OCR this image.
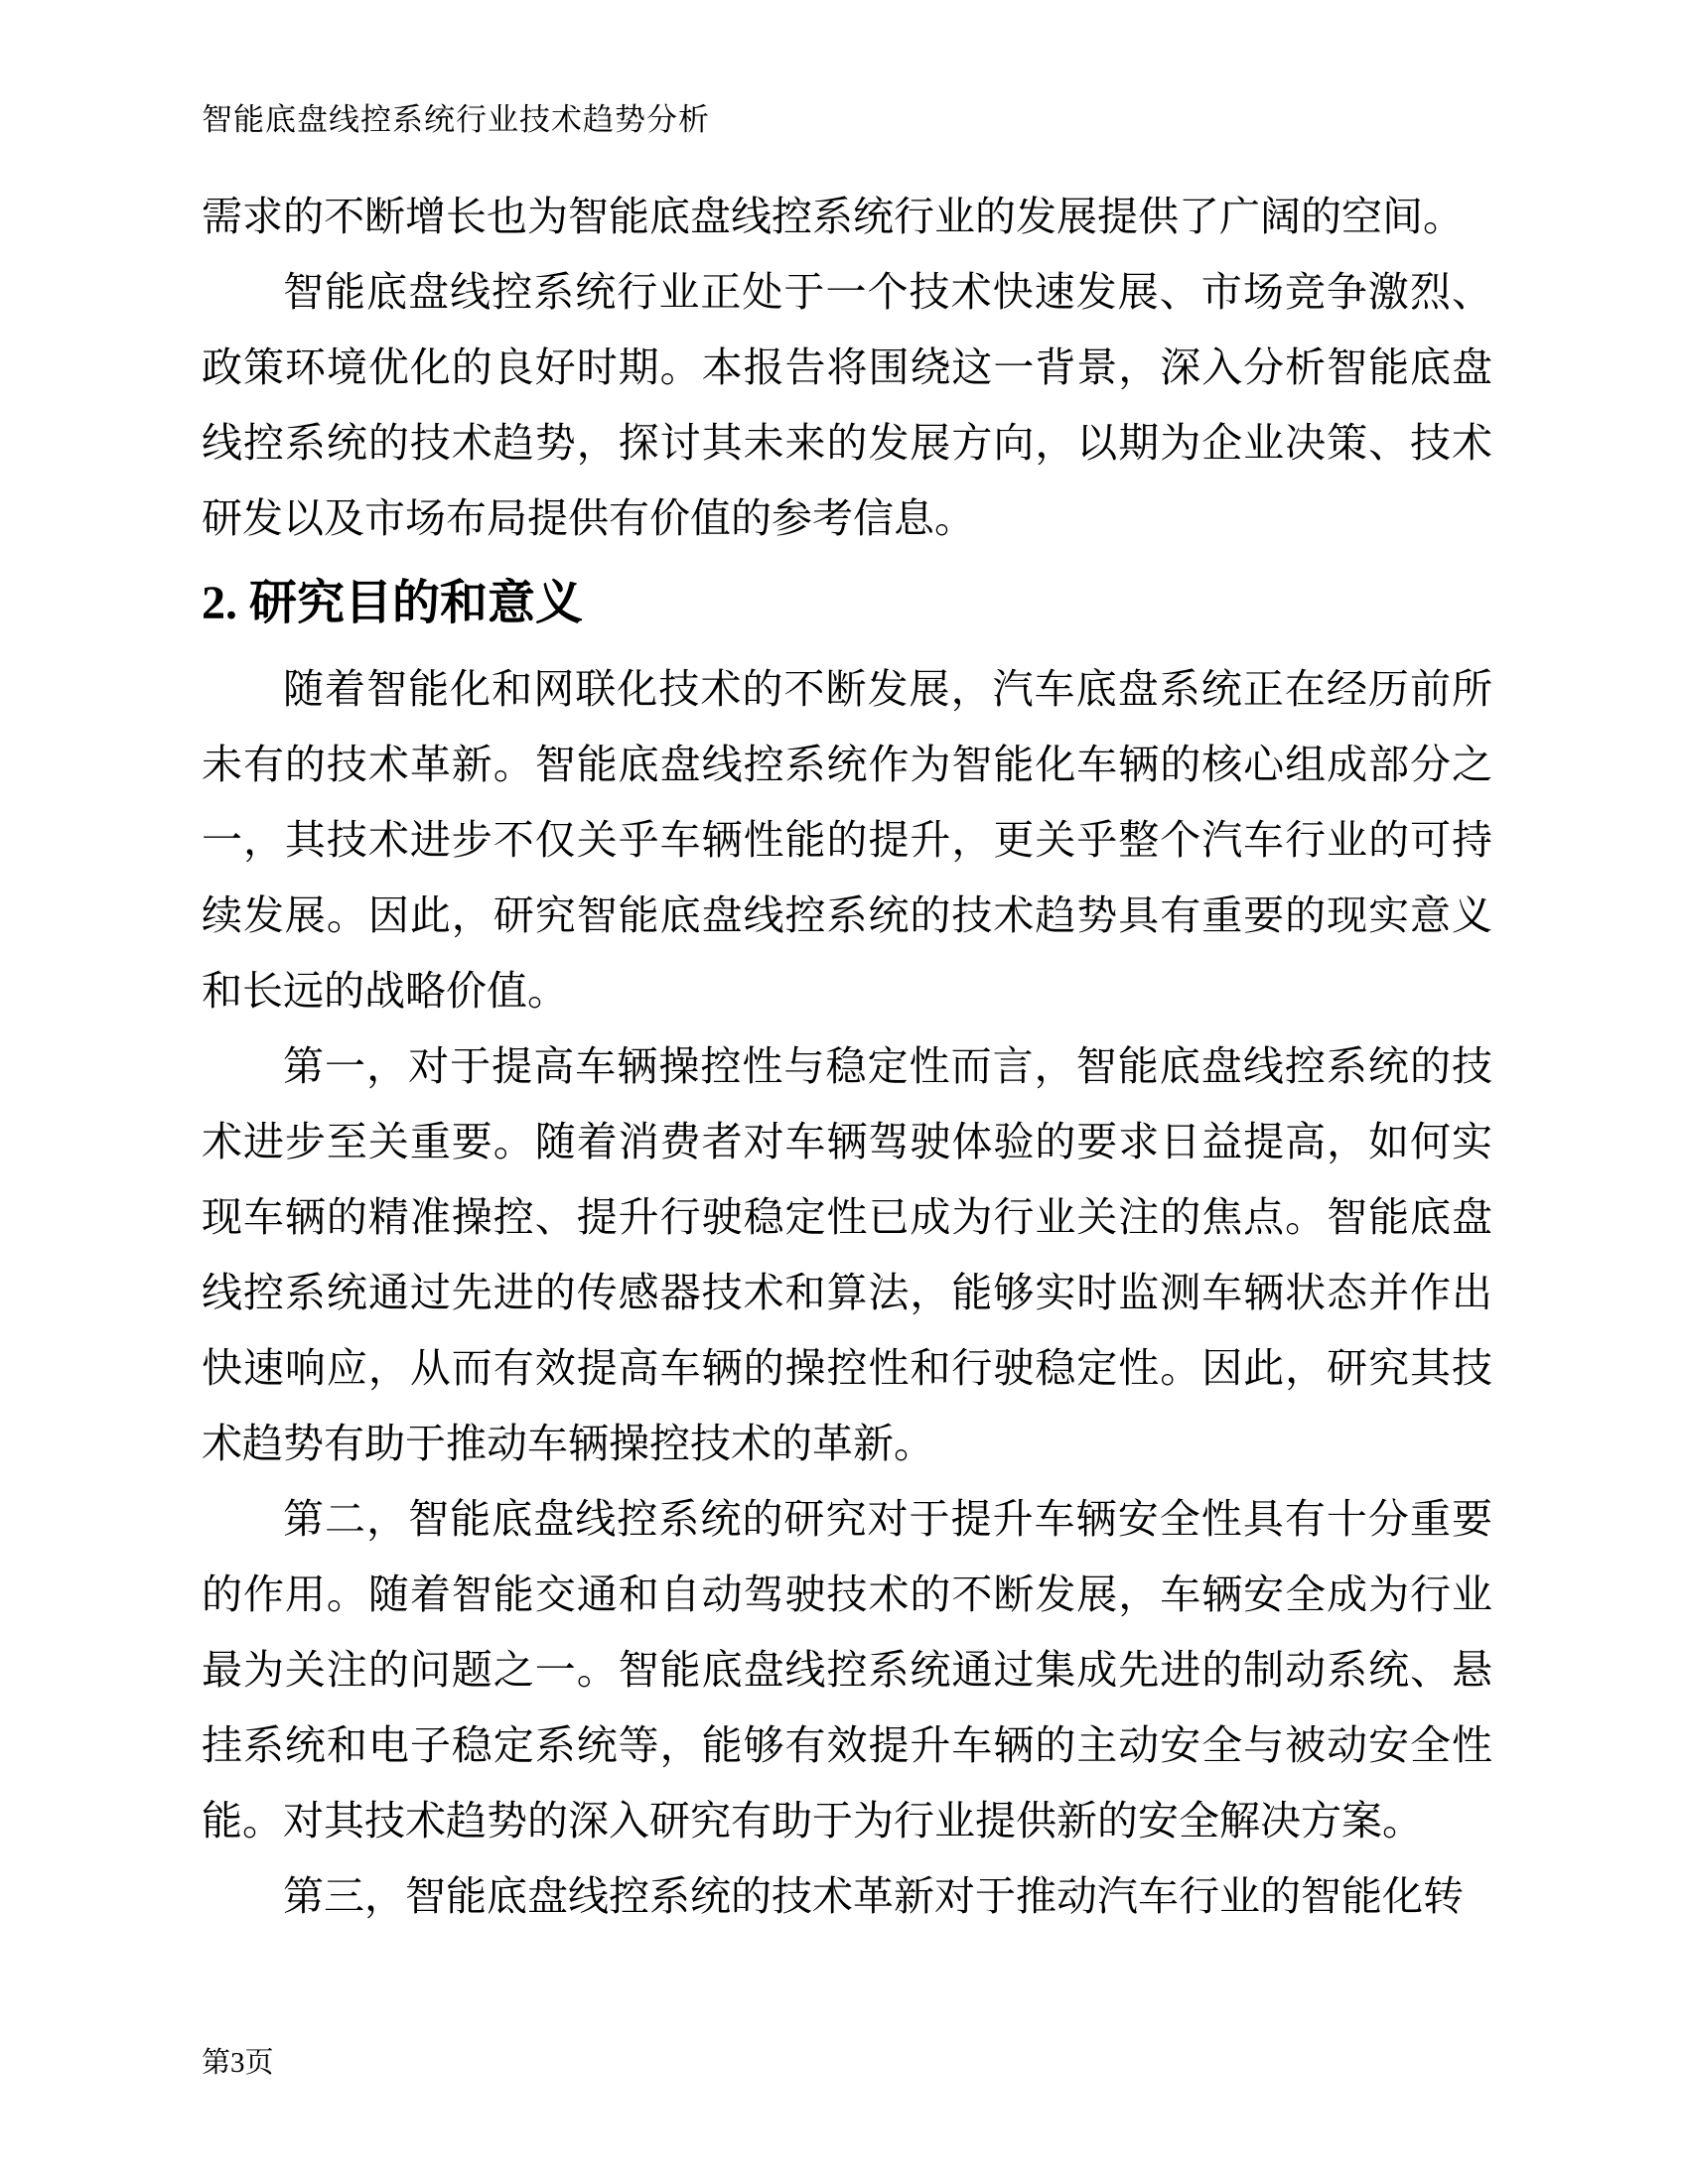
智能底盘线控系统行业技术趋势分析

需求的不断增长也为智能底盘线控系统行业的发展提供了广阔的空间。

智能底盘线控系统行业正处于一个技术快速发展、市场竞争激烈、政策环境优化的良好时期。本报告将围绕这一背景，深入分析智能底盘线控系统的技术趋势，探讨其未来的发展方向，以期为企业决策、技术研发以及市场布局提供有价值的参考信息。

2. 研究目的和意义

随着智能化和网联化技术的不断发展，汽车底盘系统正在经历前所未有的技术革新。智能底盘线控系统作为智能化车辆的核心组成部分之一，其技术进步不仅关乎车辆性能的提升，更关乎整个汽车行业的可持续发展。因此，研究智能底盘线控系统的技术趋势具有重要的现实意义和长远的战略价值。

第一，对于提高车辆操控性与稳定性而言，智能底盘线控系统的技术进步至关重要。随着消费者对车辆驾驶体验的要求日益提高，如何实现车辆的精准操控、提升行驶稳定性已成为行业关注的焦点。智能底盘线控系统通过先进的传感器技术和算法，能够实时监测车辆状态并作出快速响应，从而有效提高车辆的操控性和行驶稳定性。因此，研究其技术趋势有助于推动车辆操控技术的革新。

第二，智能底盘线控系统的研究对于提升车辆安全性具有十分重要的作用。随着智能交通和自动驾驶技术的不断发展，车辆安全成为行业最为关注的问题之一。智能底盘线控系统通过集成先进的制动系统、悬挂系统和电子稳定系统等，能够有效提升车辆的主动安全与被动安全性能。对其技术趋势的深入研究有助于为行业提供新的安全解决方案。

第三，智能底盘线控系统的技术革新对于推动汽车行业的智能化转

第3页
